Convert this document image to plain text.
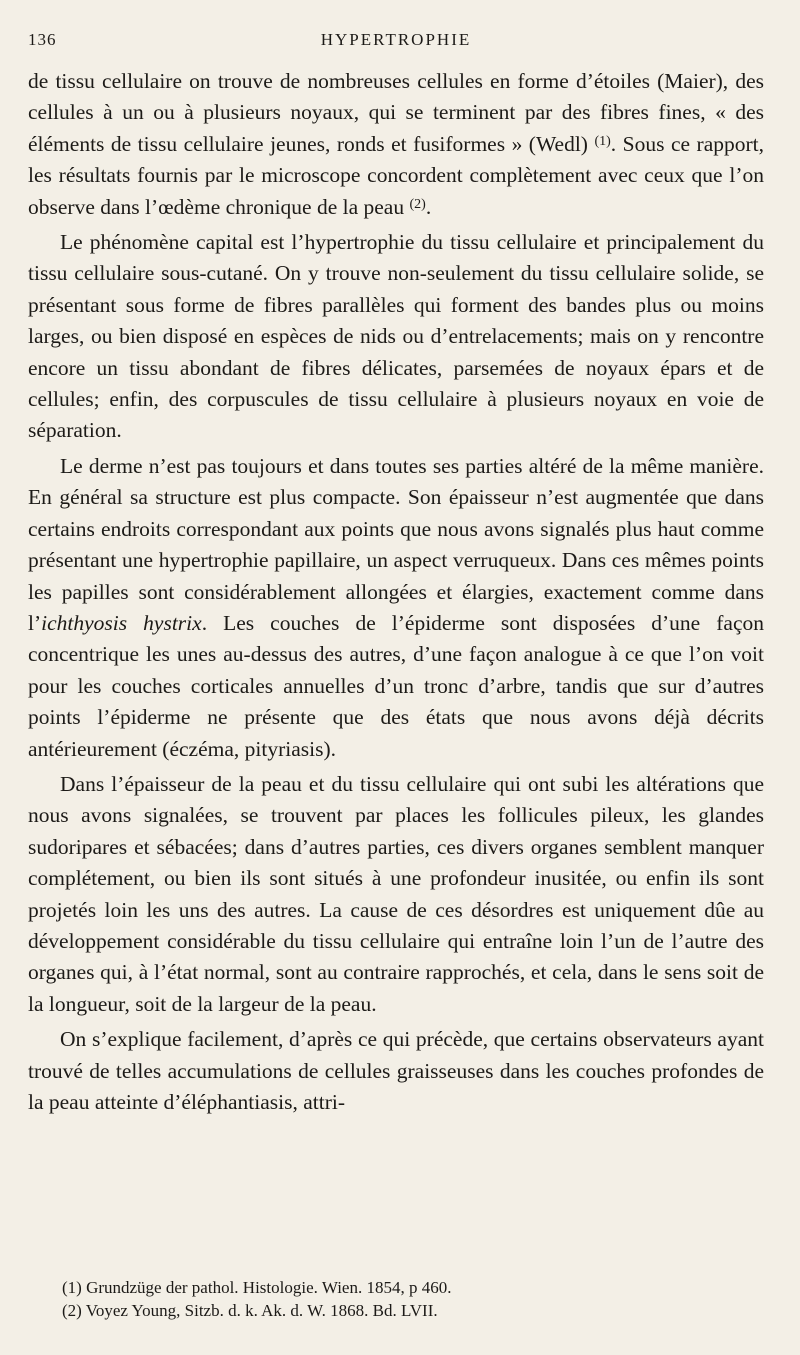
136	HYPERTROPHIE

de tissu cellulaire on trouve de nombreuses cellules en forme d’étoiles (Maier), des cellules à un ou à plusieurs noyaux, qui se terminent par des fibres fines, « des éléments de tissu cellulaire jeunes, ronds et fusiformes » (Wedl) $^{(1)}$. Sous ce rapport, les résultats fournis par le microscope concordent complètement avec ceux que l’on observe dans l’œdème chronique de la peau $^{(2)}$.

Le phénomène capital est l’hypertrophie du tissu cellulaire et principalement du tissu cellulaire sous-cutané. On y trouve non-seulement du tissu cellulaire solide, se présentant sous forme de fibres parallèles qui forment des bandes plus ou moins larges, ou bien disposé en espèces de nids ou d’entrelacements; mais on y rencontre encore un tissu abondant de fibres délicates, parsemées de noyaux épars et de cellules; enfin, des corpuscules de tissu cellulaire à plusieurs noyaux en voie de séparation.

Le derme n’est pas toujours et dans toutes ses parties altéré de la même manière. En général sa structure est plus compacte. Son épaisseur n’est augmentée que dans certains endroits correspondant aux points que nous avons signalés plus haut comme présentant une hypertrophie papillaire, un aspect verruqueux. Dans ces mêmes points les papilles sont considérablement allongées et élargies, exactement comme dans l’ichthyosis hystrix. Les couches de l’épiderme sont disposées d’une façon concentrique les unes au-dessus des autres, d’une façon analogue à ce que l’on voit pour les couches corticales annuelles d’un tronc d’arbre, tandis que sur d’autres points l’épiderme ne présente que des états que nous avons déjà décrits antérieurement (éczéma, pityriasis).

Dans l’épaisseur de la peau et du tissu cellulaire qui ont subi les altérations que nous avons signalées, se trouvent par places les follicules pileux, les glandes sudoripares et sébacées; dans d’autres parties, ces divers organes semblent manquer complétement, ou bien ils sont situés à une profondeur inusitée, ou enfin ils sont projetés loin les uns des autres. La cause de ces désordres est uniquement dûe au développement considérable du tissu cellulaire qui entraîne loin l’un de l’autre des organes qui, à l’état normal, sont au contraire rapprochés, et cela, dans le sens soit de la longueur, soit de la largeur de la peau.

On s’explique facilement, d’après ce qui précède, que certains observateurs ayant trouvé de telles accumulations de cellules graisseuses dans les couches profondes de la peau atteinte d’éléphantiasis, attri-

(1) Grundzüge der pathol. Histologie. Wien. 1854, p 460.
(2) Voyez Young, Sitzb. d. k. Ak. d. W. 1868. Bd. LVII.
